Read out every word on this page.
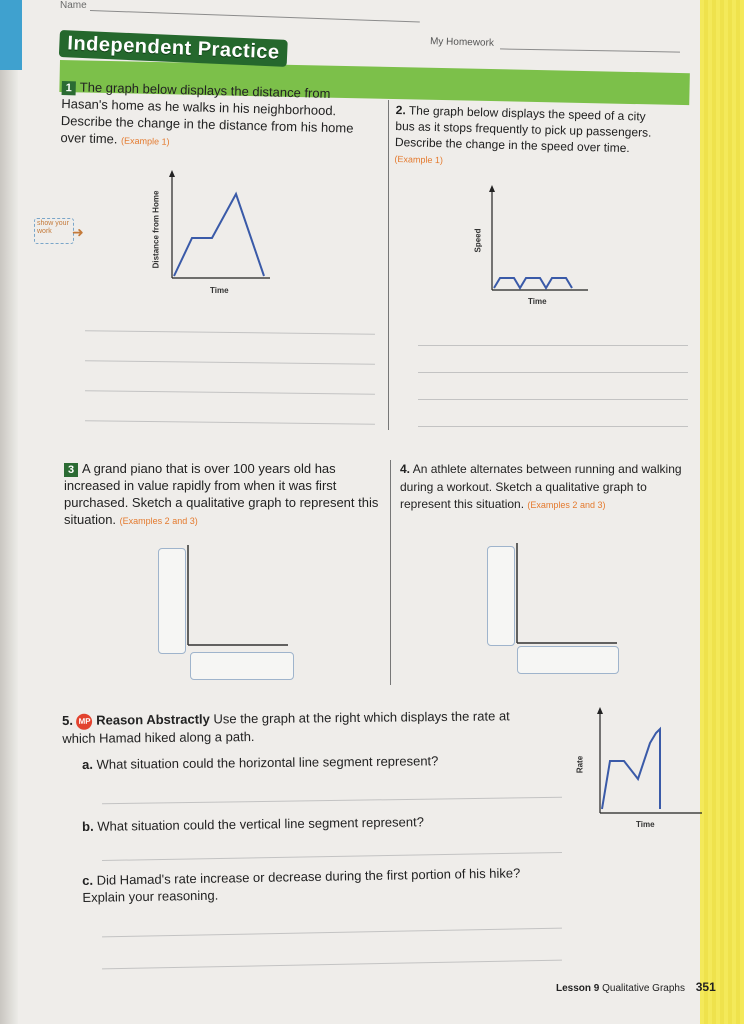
Name
My Homework
Independent Practice
1 The graph below displays the distance from Hasan's home as he walks in his neighborhood. Describe the change in the distance from his home over time. (Example 1)
show your work	➜	Distance from Home
Time
2. The graph below displays the speed of a city bus as it stops frequently to pick up passengers. Describe the change in the speed over time. (Example 1)
Speed
Time
3 A grand piano that is over 100 years old has increased in value rapidly from when it was first purchased. Sketch a qualitative graph to represent this situation. (Examples 2 and 3)
4. An athlete alternates between running and walking during a workout. Sketch a qualitative graph to represent this situation. (Examples 2 and 3)
5. MP Reason Abstractly Use the graph at the right which displays the rate at which Hamad hiked along a path.
a. What situation could the horizontal line segment represent?
b. What situation could the vertical line segment represent?
c. Did Hamad's rate increase or decrease during the first portion of his hike? Explain your reasoning.
Rate
Time
Lesson 9 Qualitative Graphs 351
